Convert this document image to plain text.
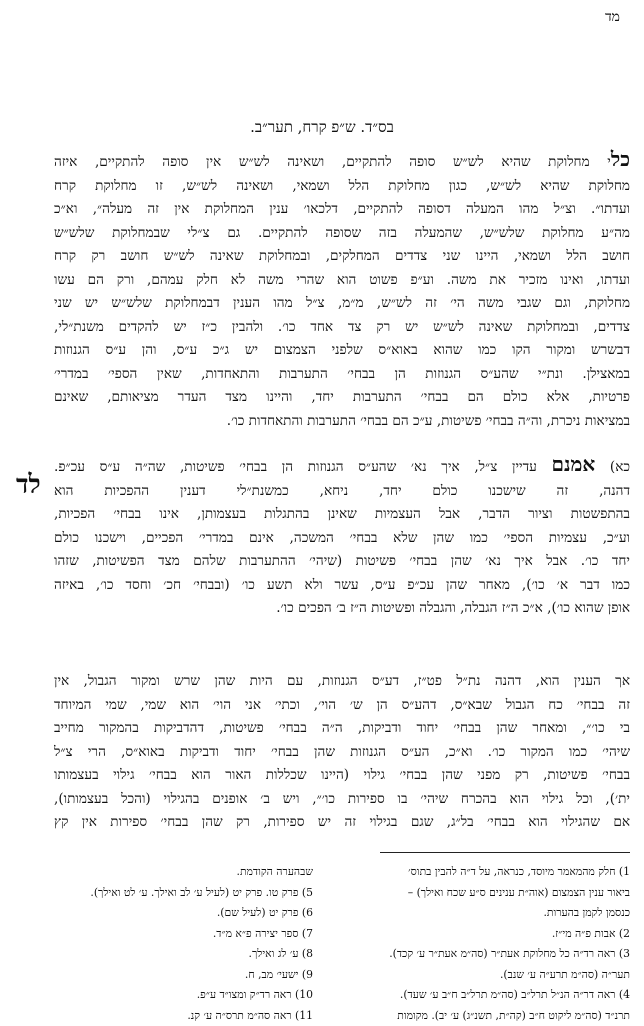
מד
בס״ד. ש״פ קרח, תער״ב.
לד
כלי מחלוקת שהיא לש״ש סופה להתקיים, ושאינה לש״ש אין סופה להתקיים, איזה
מחלוקת שהיא לש״ש, כגון מחלוקת הלל ושמאי, ושאינה לש״ש, זו מחלוקת קרח
ועדתו״. וצ״ל מהו המעלה דסופה להתקיים, דלכאו׳ ענין המחלוקת אין זה מעלה״, וא״כ
מה״ע מחלוקת שלש״ש, שהמעלה בזה שסופה להתקיים. גם צ״לי שבמחלוקת שלש״ש
חושב הלל ושמאי, היינו שני צדדים המחלקים, ובמחלוקת שאינה לש״ש חושב רק קרח
ועדתו, ואינו מזכיר את משה. וע״פ פשוט הוא שהרי משה לא חלק עמהם, ורק הם עשו
מחלוקת, וגם שגבי משה הי׳ זה לש״ש, מ״מ, צ״ל מהו הענין דבמחלוקת שלש״ש יש שני
צדדים, ובמחלוקת שאינה לש״ש יש רק צד אחד כו׳. ולהבין כ״ז יש להקדים משנת״לי,
דבשרש ומקור הקו כמו שהוא באוא״ס שלפני הצמצום יש ג״כ ע״ס, והן ע״ס הגנוזות
במאצילן. ונת״י שהע״ס הגנוזות הן בבחי׳ התערבות והתאחדות, שאין הספי׳ במדרי׳
פרטיות, אלא כולם הם בבחי׳ התערבות יחד, והיינו מצד העדר מציאותם, שאינם
במציאות ניכרת, וה״ה בבחי׳ פשיטות, ע״כ הם בבחי׳ התערבות והתאחדות כו׳.
כא) אמנם עדיין צ״ל, איך נא׳ שהע״ס הגנוזות הן בבחי׳ פשיטות, שה״ה ע״ס עכ״פ.
דהנה, זה שישכנו כולם יחד, ניחא, כמשנת״לי דענין ההפכיות הוא
בהתפשטות וציור הדבר, אבל העצמיות שאינן בהתגלות בעצמותן, אינו בבחי׳ הפכיות,
וע״כ, עצמיות הספי׳ כמו שהן שלא בבחי׳ המשכה, אינם במדרי׳ הפכיים, וישכנו כולם
יחד כו׳. אבל איך נא׳ שהן בבחי׳ פשיטות (שיהי׳ ההתערבות שלהם מצד הפשיטות, שזהו
כמו דבר א׳ כו׳), מאחר שהן עכ״פ ע״ס, עשר ולא תשע כו׳ (ובבחי׳ חכ׳ וחסד כו׳, באיזה
אופן שהוא כו׳), א״כ ה״ז הגבלה, והגבלה ופשיטות ה״ז ב׳ הפכים כו׳.
אך הענין הוא, דהנה נת״ל פט״ז, דע״ס הגנוזות, עם היות שהן שרש ומקור הגבול, אין
זה בבחי׳ כח הגבול שבא״ס, דהע״ס הן ש׳ הוי׳, וכתי׳ אני הוי׳ הוא שמי, שמי המיוחד
בי כו׳״, ומאחר שהן בבחי׳ יחוד ודביקות, ה״ה בבחי׳ פשיטות, דהדביקות בהמקור מחייב
שיהי׳ כמו המקור כו׳. וא״כ, הע״ס הגנוזות שהן בבחי׳ יחוד ודביקות באוא״ס, הרי צ״ל
בבחי׳ פשיטות, רק מפני שהן בבחי׳ גילוי (היינו שכללות האור הוא בבחי׳ גילוי בעצמותו
ית׳), וכל גילוי הוא בהכרח שיהי׳ בו ספירות כו׳״, ויש ב׳ אופנים בהגילוי (והכל בעצמותו),
אם שהגילוי הוא בבחי׳ בל״ג, שגם בגילוי זה יש ספירות, רק שהן בבחי׳ ספירות אין קץ
1) חלק מהמאמר מיוסד, כנראה, על ד״ה להבין בתוס׳
ביאור ענין הצמצום (אוה״ת ענינים ס״ע שכח ואילך) –
כנסמן לקמן בהערות.
2) אבות פ״ה מי״ז.
3) ראה רד״ה כל מחלוקת אעת״ר (סה״מ אעת״ר ע׳ קכד).
תער״ה (סה״מ תרע״ה ע׳ שנב).
4) ראה דר״ה הנ״ל תרל״ב (סה״מ תרל״ב ח״ב ע׳ שעד).
תרנ״ד (סה״מ ליקוט ח״ב (קה״ת, תשנ״ג) ע׳ יב). מקומות
שבהערה הקודמת.
5) פרק טו. פרק יט (לעיל ע׳ לב ואילך. ע׳ לט ואילך).
6) פרק יט (לעיל שם).
7) ספר יצירה פ״א מ״ד.
8) ע׳ לג ואילך.
9) ישעי׳ מב, ח.
10) ראה רד״ק ומצו״ד ע״פ.
11) ראה סה״מ תרס״ה ע׳ קנ.
